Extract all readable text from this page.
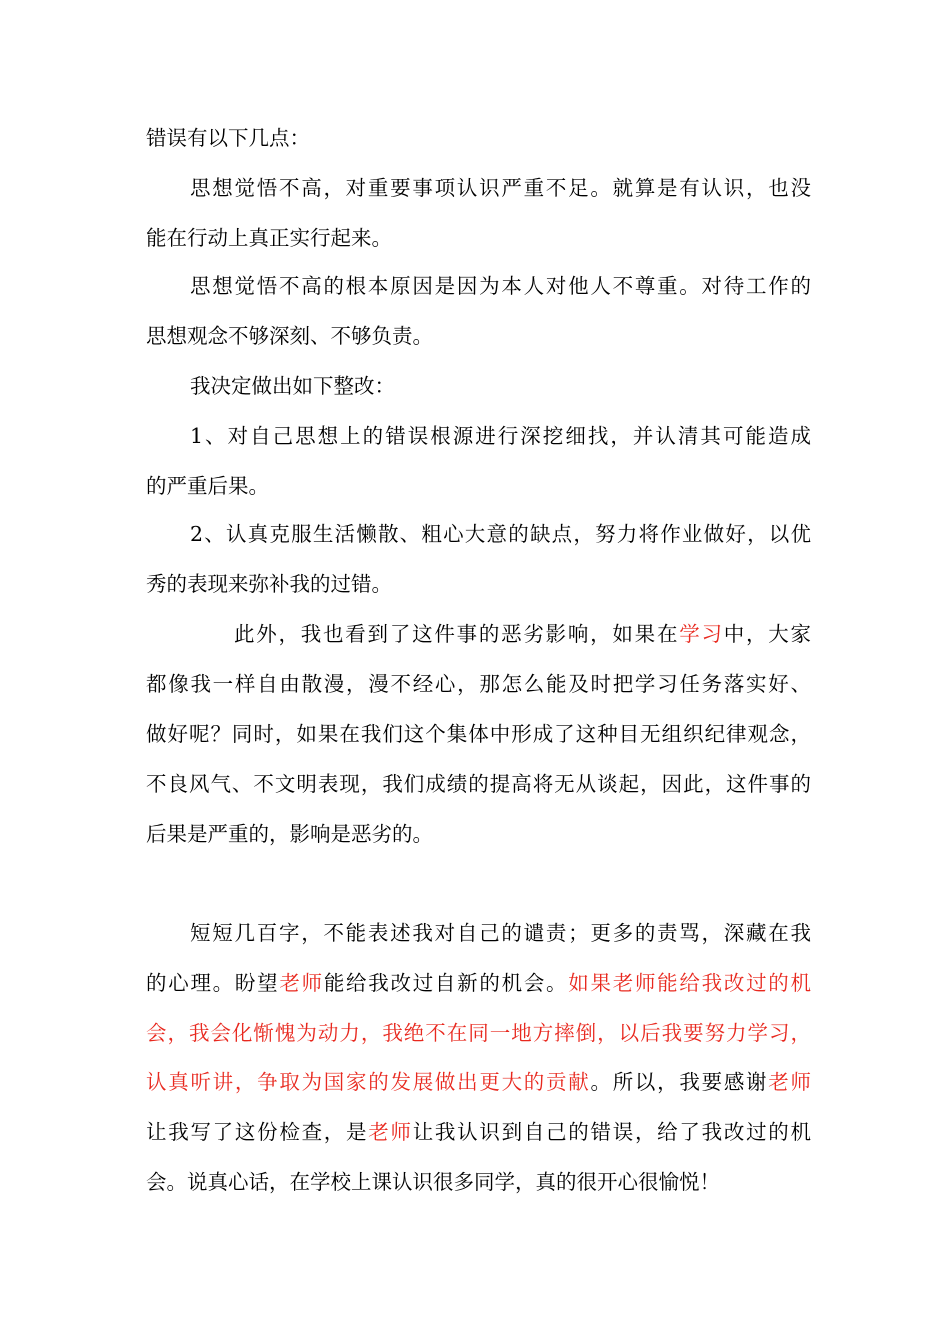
错误有以下几点：
思想觉悟不高，对重要事项认识严重不足。就算是有认识，也没
能在行动上真正实行起来。
思想觉悟不高的根本原因是因为本人对他人不尊重。对待工作的
思想观念不够深刻、不够负责。
我决定做出如下整改：
1、对自己思想上的错误根源进行深挖细找，并认清其可能造成
的严重后果。
2、认真克服生活懒散、粗心大意的缺点，努力将作业做好，以优
秀的表现来弥补我的过错。
此外，我也看到了这件事的恶劣影响，如果在学习中，大家
都像我一样自由散漫，漫不经心，那怎么能及时把学习任务落实好、
做好呢？同时，如果在我们这个集体中形成了这种目无组织纪律观念，
不良风气、不文明表现，我们成绩的提高将无从谈起，因此，这件事的
后果是严重的，影响是恶劣的。
短短几百字，不能表述我对自己的谴责；更多的责骂，深藏在我
的心理。盼望老师能给我改过自新的机会。如果老师能给我改过的机
会，我会化惭愧为动力，我绝不在同一地方摔倒，以后我要努力学习，
认真听讲，争取为国家的发展做出更大的贡献。所以，我要感谢老师
让我写了这份检查，是老师让我认识到自己的错误，给了我改过的机
会。说真心话，在学校上课认识很多同学，真的很开心很愉悦！
